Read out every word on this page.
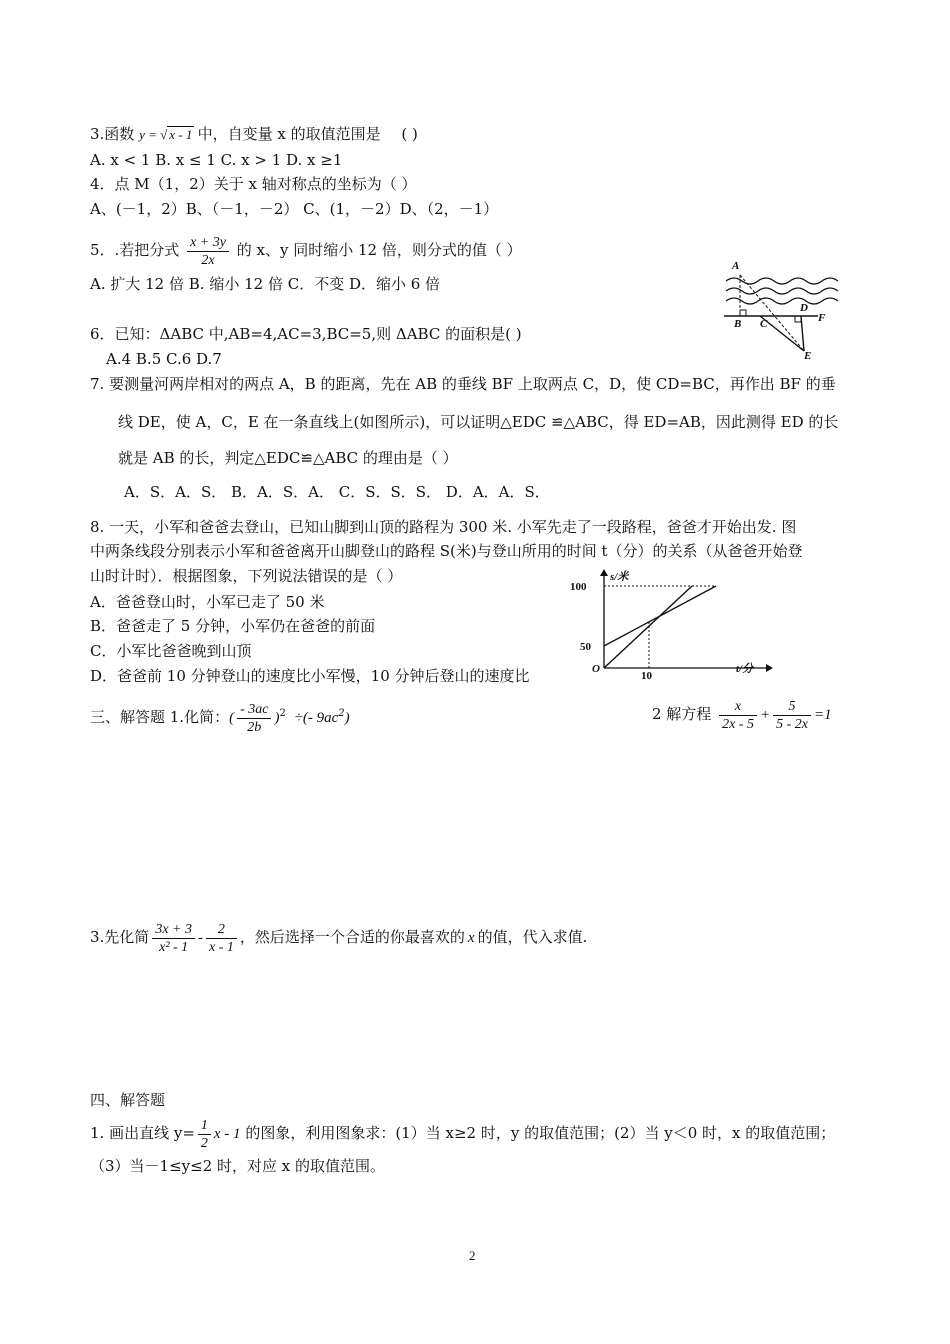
3.函数 y = √ x - 1 中，自变量 x 的取值范围是 ( )
A. x < 1 B. x ≤ 1 C. x > 1 D. x ≥1
4．点 M（1，2）关于 x 轴对称点的坐标为（ ）
A、(－1，2）B、（－1，－2） C、(1，－2）D、（2，－1）
5．.若把分式 $\frac{x + 3y}{2x}$ 的 x、y 同时缩小 12 倍，则分式的值（ ）
A. 扩大 12 倍 B. 缩小 12 倍 C．不变 D．缩小 6 倍
A
B C
D
F
E
6．已知：ΔABC 中,AB=4,AC=3,BC=5,则 ΔABC 的面积是( )
A.4 B.5 C.6 D.7
7. 要测量河两岸相对的两点 A，B 的距离，先在 AB 的垂线 BF 上取两点 C，D，使 CD=BC，再作出 BF 的垂
线 DE，使 A，C，E 在一条直线上(如图所示)，可以证明△EDC ≌△ABC，得 ED=AB，因此测得 ED 的长
就是 AB 的长，判定△EDC≌△ABC 的理由是（ ）
A．S．A．S． B．A．S．A． C．S．S．S． D．A．A．S．
8. 一天，小军和爸爸去登山，已知山脚到山顶的路程为 300 米. 小军先走了一段路程，爸爸才开始出发. 图
中两条线段分别表示小军和爸爸离开山脚登山的路程 S(米)与登山所用的时间 t（分）的关系（从爸爸开始登
山时计时）．根据图象，下列说法错误的是（ ）
A．爸爸登山时，小军已走了 50 米
B．爸爸走了 5 分钟，小军仍在爸爸的前面
C．小军比爸爸晚到山顶
D．爸爸前 10 分钟登山的速度比小军慢，10 分钟后登山的速度比
s/米
t/分
100
50
10
O
三、解答题 1.化简：( $\frac{- 3ac}{2b} )^2$ ÷(- $9ac^2$)	2 解方程 $\frac{x}{2x - 5} + \frac{5}{5 - 2x} =1$
3.先化简 $\frac{3x + 3}{\text{x² - 1}} - \frac{2}{x - 1}$ ，然后选择一个合适的你最喜欢的 x 的值，代入求值.
四、解答题
1. 画出直线 $y= \frac{1}{2}$ x - 1 的图象，利用图象求：(1）当 x≥2 时，y 的取值范围；(2）当 y＜0 时，x 的取值范围；
（3）当－1≤y≤2 时，对应 x 的取值范围。
2
